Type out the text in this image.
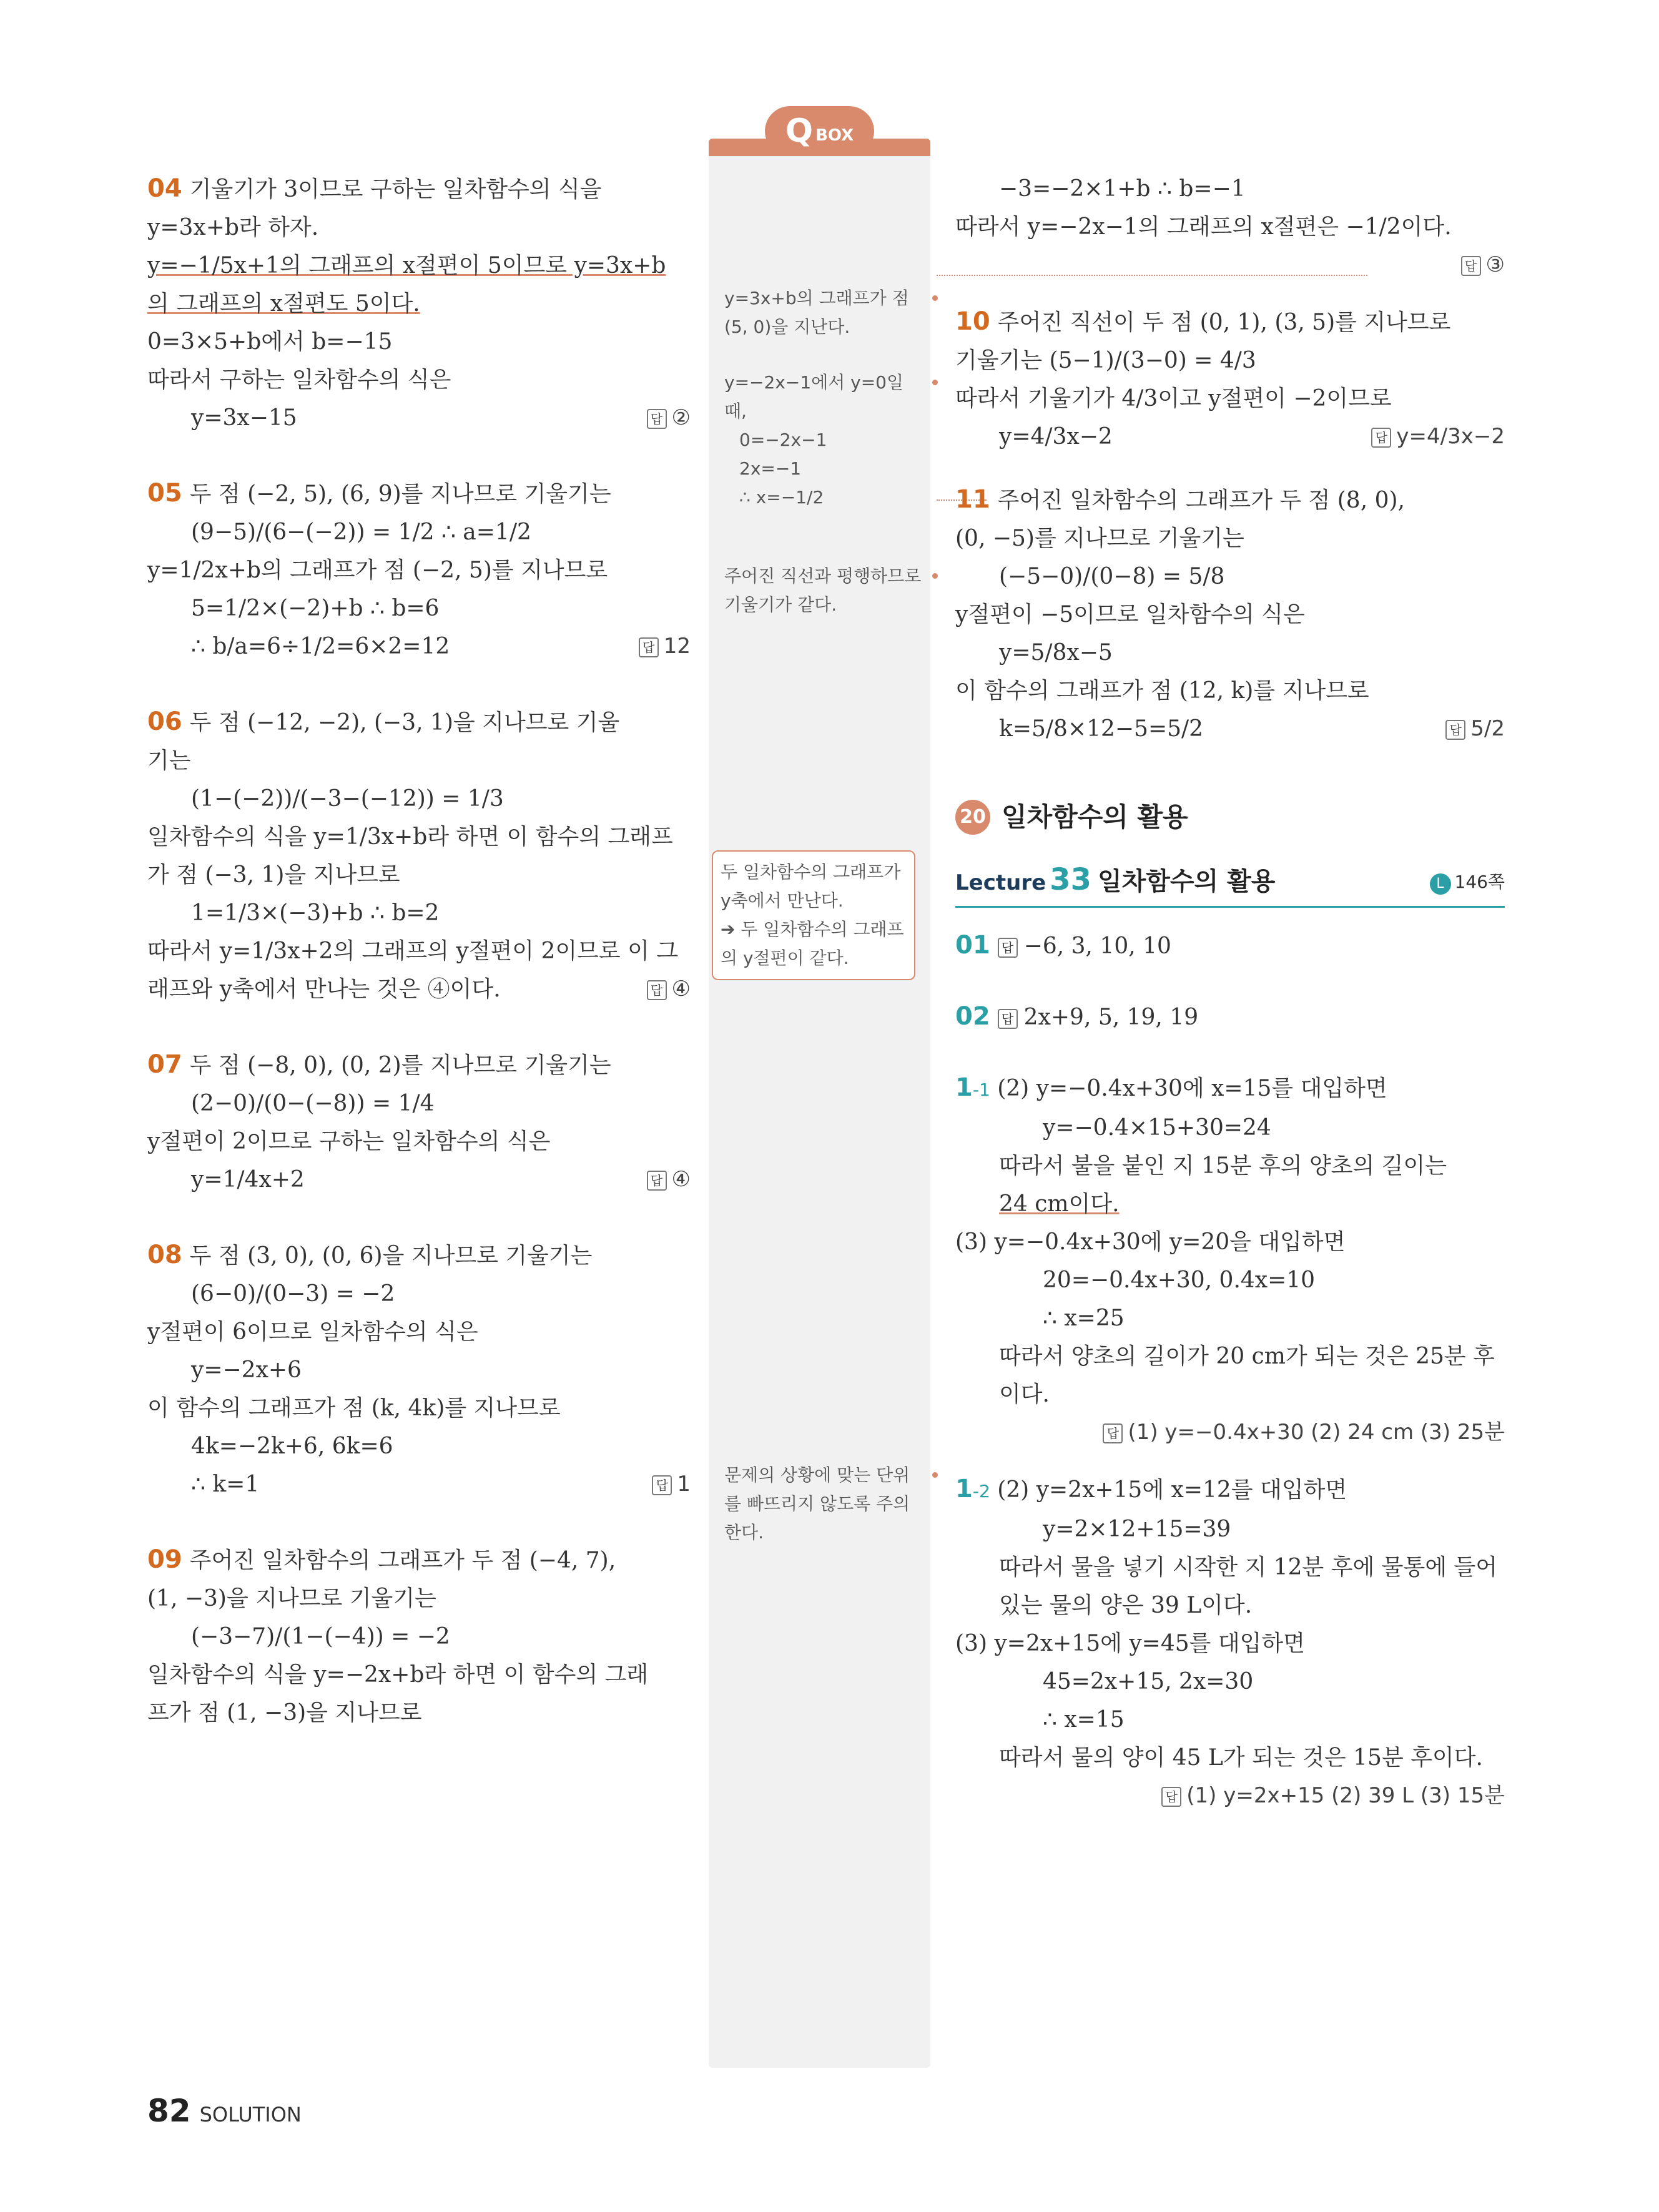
Q BOX
y=3x+b의 그래프가 점 (5, 0)을 지난다.
y=−2x−1에서 y=0일 때,
0=−2x−1
2x=−1
∴ x=−1/2
주어진 직선과 평행하므로 기울기가 같다.
두 일차함수의 그래프가 y축에서 만난다.
➔ 두 일차함수의 그래프의 y절편이 같다.
문제의 상황에 맞는 단위를 빠뜨리지 않도록 주의한다.
04 기울기가 3이므로 구하는 일차함수의 식을
y=3x+b라 하자.
y=−1/5x+1의 그래프의 x절편이 5이므로 y=3x+b
의 그래프의 x절편도 5이다.
0=3×5+b에서 b=−15
따라서 구하는 일차함수의 식은
y=3x−15	답 ②
05 두 점 (−2, 5), (6, 9)를 지나므로 기울기는
(9−5)/(6−(−2)) = 1/2 ∴ a=1/2
y=1/2x+b의 그래프가 점 (−2, 5)를 지나므로
5=1/2×(−2)+b ∴ b=6
∴ b/a=6÷1/2=6×2=12	답 12
06 두 점 (−12, −2), (−3, 1)을 지나므로 기울
기는
(1−(−2))/(−3−(−12)) = 1/3
일차함수의 식을 y=1/3x+b라 하면 이 함수의 그래프
가 점 (−3, 1)을 지나므로
1=1/3×(−3)+b ∴ b=2
따라서 y=1/3x+2의 그래프의 y절편이 2이므로 이 그
래프와 y축에서 만나는 것은 ④이다.	답 ④
07 두 점 (−8, 0), (0, 2)를 지나므로 기울기는
(2−0)/(0−(−8)) = 1/4
y절편이 2이므로 구하는 일차함수의 식은
y=1/4x+2	답 ④
08 두 점 (3, 0), (0, 6)을 지나므로 기울기는
(6−0)/(0−3) = −2
y절편이 6이므로 일차함수의 식은
y=−2x+6
이 함수의 그래프가 점 (k, 4k)를 지나므로
4k=−2k+6, 6k=6
∴ k=1	답 1
09 주어진 일차함수의 그래프가 두 점 (−4, 7),
(1, −3)을 지나므로 기울기는
(−3−7)/(1−(−4)) = −2
일차함수의 식을 y=−2x+b라 하면 이 함수의 그래
프가 점 (1, −3)을 지나므로
−3=−2×1+b ∴ b=−1
따라서 y=−2x−1의 그래프의 x절편은 −1/2이다.
답 ③
10 주어진 직선이 두 점 (0, 1), (3, 5)를 지나므로
기울기는 (5−1)/(3−0) = 4/3
따라서 기울기가 4/3이고 y절편이 −2이므로
y=4/3x−2	답 y=4/3x−2
11 주어진 일차함수의 그래프가 두 점 (8, 0),
(0, −5)를 지나므로 기울기는
(−5−0)/(0−8) = 5/8
y절편이 −5이므로 일차함수의 식은
y=5/8x−5
이 함수의 그래프가 점 (12, k)를 지나므로
k=5/8×12−5=5/2	답 5/2
20 일차함수의 활용
Lecture 33 일차함수의 활용	L 146쪽
01 답 −6, 3, 10, 10
02 답 2x+9, 5, 19, 19
1-1 (2) y=−0.4x+30에 x=15를 대입하면
y=−0.4×15+30=24
따라서 불을 붙인 지 15분 후의 양초의 길이는
24 cm이다.
(3) y=−0.4x+30에 y=20을 대입하면
20=−0.4x+30, 0.4x=10
∴ x=25
따라서 양초의 길이가 20 cm가 되는 것은 25분 후
이다.
답 (1) y=−0.4x+30 (2) 24 cm (3) 25분
1-2 (2) y=2x+15에 x=12를 대입하면
y=2×12+15=39
따라서 물을 넣기 시작한 지 12분 후에 물통에 들어
있는 물의 양은 39 L이다.
(3) y=2x+15에 y=45를 대입하면
45=2x+15, 2x=30
∴ x=15
따라서 물의 양이 45 L가 되는 것은 15분 후이다.
답 (1) y=2x+15 (2) 39 L (3) 15분
82 SOLUTION
